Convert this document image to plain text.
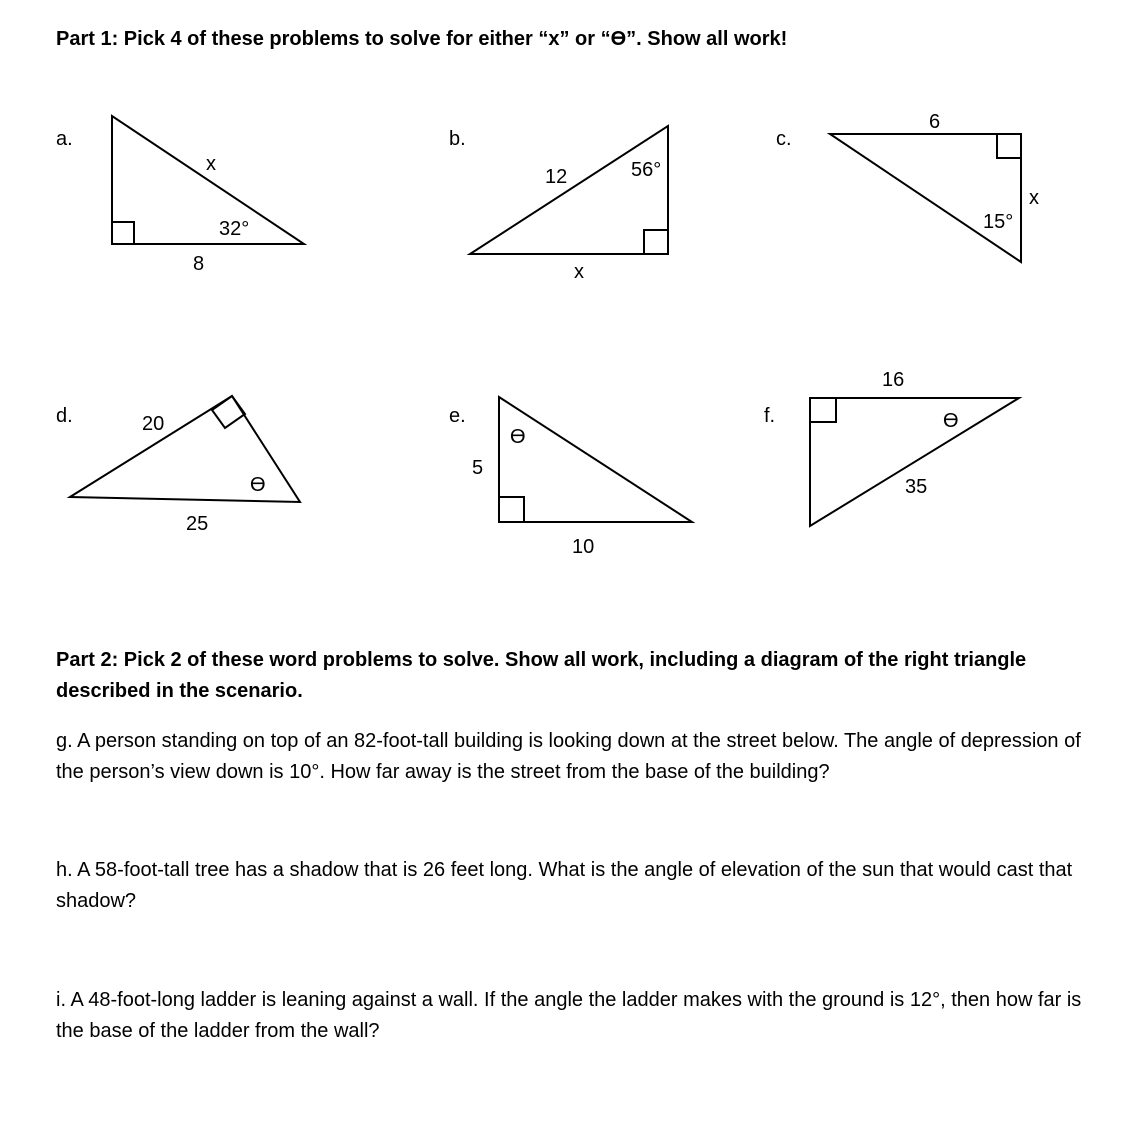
Part 1: Pick 4 of these problems to solve for either “x” or “ϴ”. Show all work!
a.
x
32°
8
b.
12	56°
x
c.
6
x
15°
d.	20
ϴ
25
e.
5
ϴ
10
f.
16
ϴ
35
Part 2: Pick 2 of these word problems to solve. Show all work, including a diagram of the right triangle described in the scenario.

g. A person standing on top of an 82-foot-tall building is looking down at the street below. The angle of depression of the person’s view down is 10°. How far away is the street from the base of the building?

h. A 58-foot-tall tree has a shadow that is 26 feet long. What is the angle of elevation of the sun that would cast that shadow?

i. A 48-foot-long ladder is leaning against a wall. If the angle the ladder makes with the ground is 12°, then how far is the base of the ladder from the wall?
